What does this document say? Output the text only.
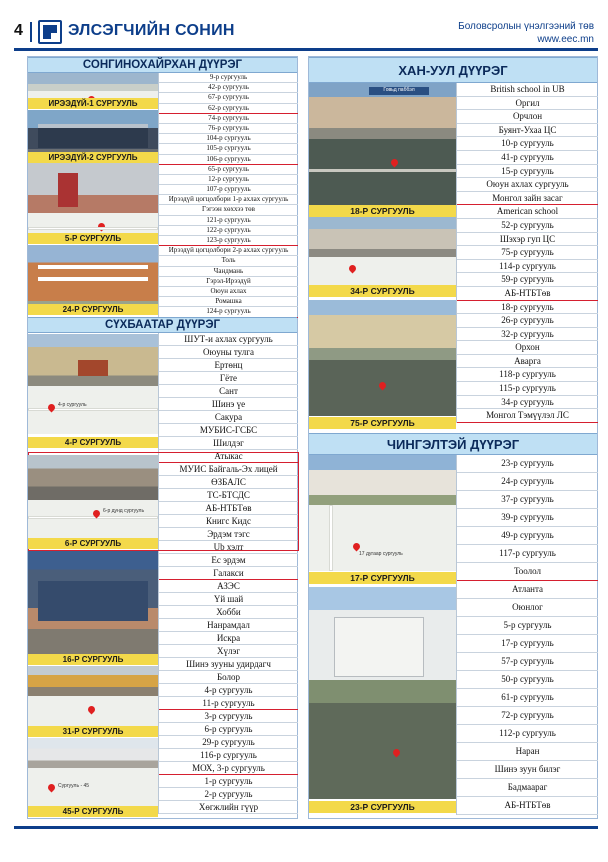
4	ЭЛСЭГЧИЙН СОНИН	Боловсролын үнэлгээний төв
www.eec.mn
СОНГИНОХАЙРХАН ДҮҮРЭГ
9-р сургууль
42-р сургууль
67-р сургууль
62-р сургууль
74-р сургууль
76-р сургууль
104-р сургууль
105-р сургууль
106-р сургууль
65-р сургууль
12-р сургууль
107-р сургууль
Ирээдүй цогцолбори 1-р ахлах сургууль
Гэгээн хөххээ төв
121-р сургууль
122-р сургууль
123-р сургууль
Ирээдүй цогцолбори 2-р ахлах сургууль
Толь
Чандмань
Гэрэл-Ирээдүй
Оюун ахлах
Ромашка
124-р сургууль
СҮХБААТАР ДҮҮРЭГ
ШУТ-и ахлах сургууль
Оюуны тулга
Ертөнц
Гёте
Сант
Шинэ үе
Сакура
МУБИС-ГСБС
Шилдэг
Атыкас
МУИС Байгаль-Эх лицей
ӨЗБАЛС
ТС-БТСДС
АБ-НТБТөв
Книгс Кидс
Эрдэм тэгс
Ub хэлт
Ес эрдэм
Галакси
АЗЭС
Үй шай
Хобби
Нанрамдал
Искра
Хүлэг
Шинэ зууны удирдагч
Болор
4-р сургууль
11-р сургууль
3-р сургууль
6-р сургууль
29-р сургууль
116-р сургууль
МОХ, 3-р сургууль
1-р сургууль
2-р сургууль
Хөгжлийн гүүр
ИРЭЭДҮЙ-1 СУРГУУЛЬ
ИРЭЭДҮЙ-2 СУРГУУЛЬ
5-Р СУРГУУЛЬ
24-Р СУРГУУЛЬ
4-р сургууль
4-Р СУРГУУЛЬ
6-р дунд сургууль
6-Р СУРГУУЛЬ
16-Р СУРГУУЛЬ
31-Р СУРГУУЛЬ
Сургууль - 45
45-Р СУРГУУЛЬ
ХАН-УУЛ ДҮҮРЭГ
British school in UB
Оргил
Орчлон
Буянт-Ухаа ЦС
10-р сургууль
41-р сургууль
15-р сургууль
Оюун ахлах сургууль
Монгол зайн засаг
American school
52-р сургууль
Шэхэр гуп ЦС
75-р сургууль
114-р сургууль
59-р сургууль
АБ-НТБТөв
18-р сургууль
26-р сургууль
32-р сургууль
Орхон
Аварга
118-р сургууль
115-р сургууль
34-р сургууль
Монгол Тэмүүлэл ЛС
ЧИНГЭЛТЭЙ ДҮҮРЭГ
23-р сургууль
24-р сургууль
37-р сургууль
39-р сургууль
49-р сургууль
117-р сургууль
Тоолол
Атланта
Оюнлог
5-р сургууль
17-р сургууль
57-р сургууль
50-р сургууль
61-р сургууль
72-р сургууль
112-р сургууль
Наран
Шинэ зуун билэг
Бадмаараг
АБ-НТБТөв
Говьд паббэл
18-Р СУРГУУЛЬ
34-Р СУРГУУЛЬ
75-Р СУРГУУЛЬ
17 дугаар сургууль
17-Р СУРГУУЛЬ
23-Р СУРГУУЛЬ
